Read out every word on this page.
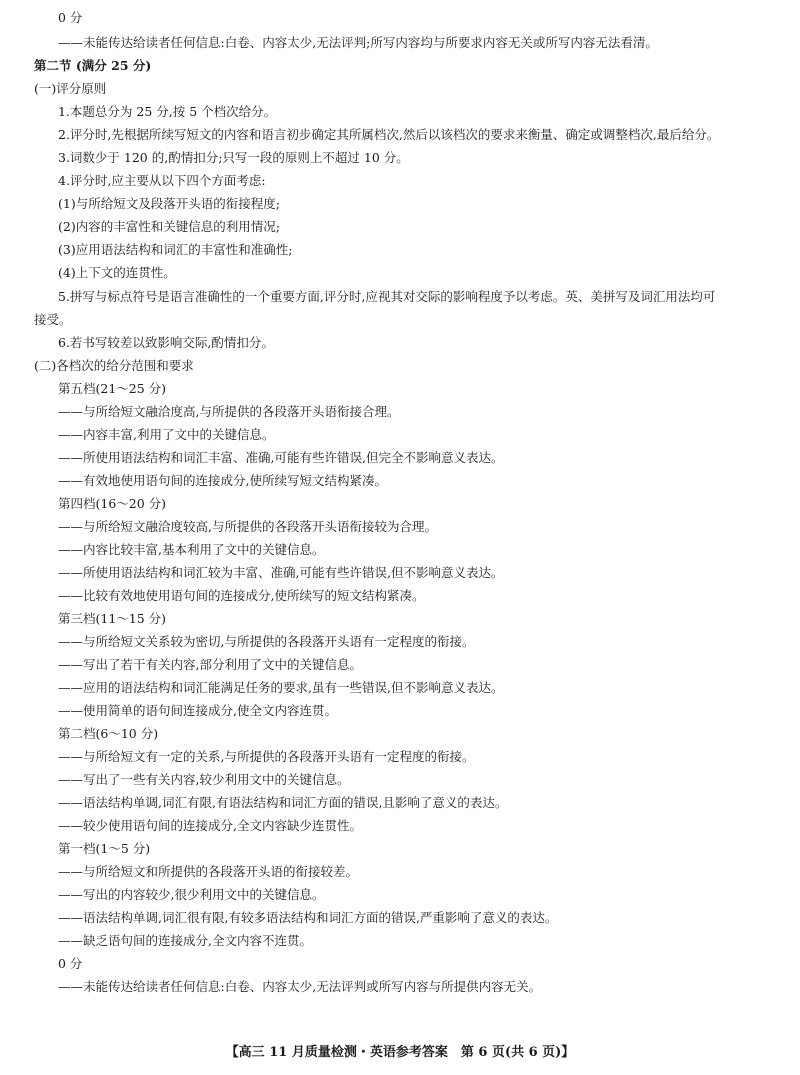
0 分
——未能传达给读者任何信息:白卷、内容太少,无法评判;所写内容均与所要求内容无关或所写内容无法看清。
第二节 (满分 25 分)
(一)评分原则
1.本题总分为 25 分,按 5 个档次给分。
2.评分时,先根据所续写短文的内容和语言初步确定其所属档次,然后以该档次的要求来衡量、确定或调整档次,最后给分。
3.词数少于 120 的,酌情扣分;只写一段的原则上不超过 10 分。
4.评分时,应主要从以下四个方面考虑:
(1)与所给短文及段落开头语的衔接程度;
(2)内容的丰富性和关键信息的利用情况;
(3)应用语法结构和词汇的丰富性和准确性;
(4)上下文的连贯性。
5.拼写与标点符号是语言准确性的一个重要方面,评分时,应视其对交际的影响程度予以考虑。英、美拼写及词汇用法均可
接受。
6.若书写较差以致影响交际,酌情扣分。
(二)各档次的给分范围和要求
第五档(21～25 分)
——与所给短文融洽度高,与所提供的各段落开头语衔接合理。
——内容丰富,利用了文中的关键信息。
——所使用语法结构和词汇丰富、准确,可能有些许错误,但完全不影响意义表达。
——有效地使用语句间的连接成分,使所续写短文结构紧凑。
第四档(16～20 分)
——与所给短文融洽度较高,与所提供的各段落开头语衔接较为合理。
——内容比较丰富,基本利用了文中的关键信息。
——所使用语法结构和词汇较为丰富、准确,可能有些许错误,但不影响意义表达。
——比较有效地使用语句间的连接成分,使所续写的短文结构紧凑。
第三档(11～15 分)
——与所给短文关系较为密切,与所提供的各段落开头语有一定程度的衔接。
——写出了若干有关内容,部分利用了文中的关键信息。
——应用的语法结构和词汇能满足任务的要求,虽有一些错误,但不影响意义表达。
——使用简单的语句间连接成分,使全文内容连贯。
第二档(6～10 分)
——与所给短文有一定的关系,与所提供的各段落开头语有一定程度的衔接。
——写出了一些有关内容,较少利用文中的关键信息。
——语法结构单调,词汇有限,有语法结构和词汇方面的错误,且影响了意义的表达。
——较少使用语句间的连接成分,全文内容缺少连贯性。
第一档(1～5 分)
——与所给短文和所提供的各段落开头语的衔接较差。
——写出的内容较少,很少利用文中的关键信息。
——语法结构单调,词汇很有限,有较多语法结构和词汇方面的错误,严重影响了意义的表达。
——缺乏语句间的连接成分,全文内容不连贯。
0 分
——未能传达给读者任何信息:白卷、内容太少,无法评判或所写内容与所提供内容无关。
【高三 11 月质量检测・英语参考答案　第 6 页(共 6 页)】
